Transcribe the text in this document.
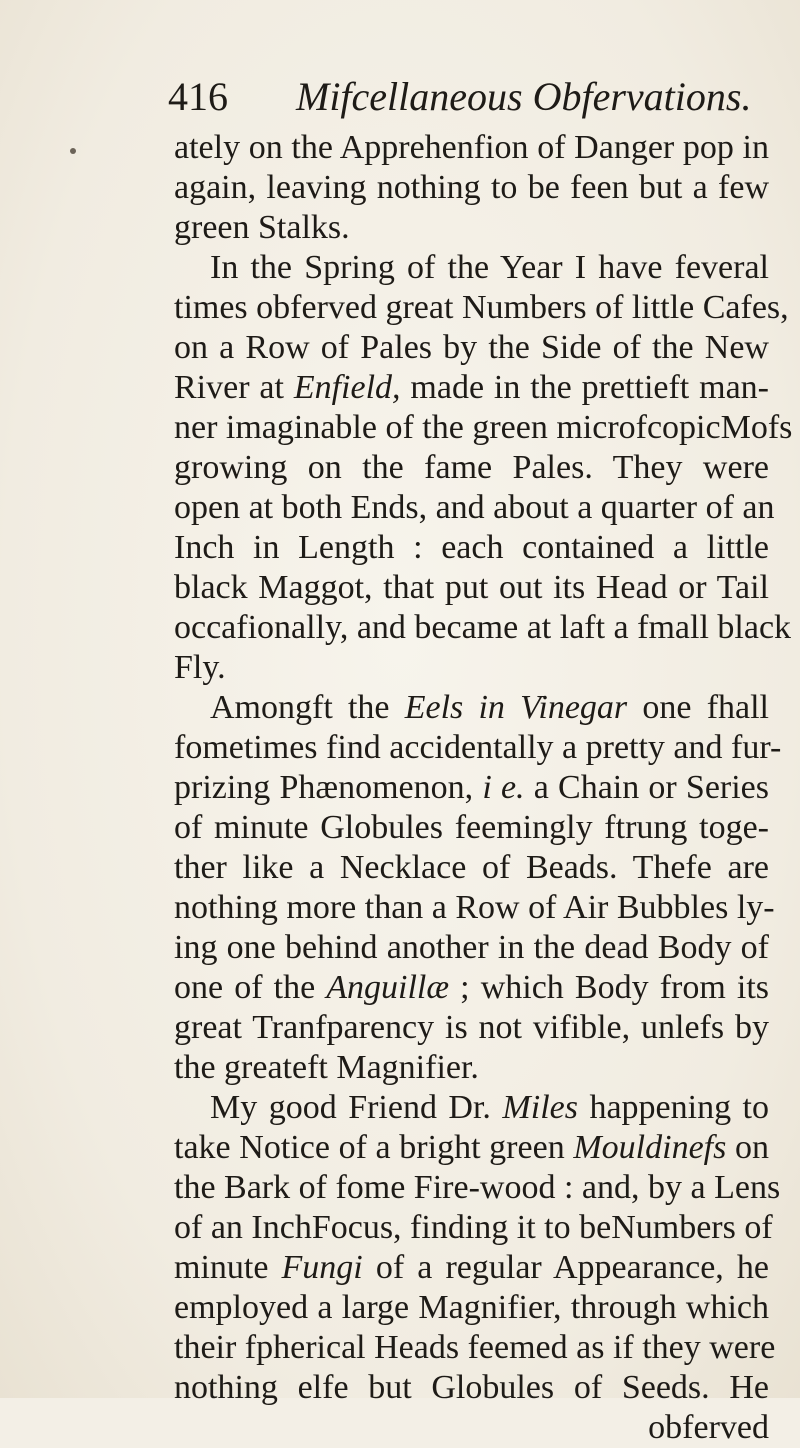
416 Mifcellaneous Obfervations.
ately on the Apprehenfion of Danger pop in
again, leaving nothing to be feen but a few
green Stalks.
In the Spring of the Year I have feveral
times obferved great Numbers of little Cafes,
on a Row of Pales by the Side of the New
River at Enfield, made in the prettieft man-
ner imaginable of the green microfcopicMofs
growing on the fame Pales. They were
open at both Ends, and about a quarter of an
Inch in Length : each contained a little
black Maggot, that put out its Head or Tail
occafionally, and became at laft a fmall black
Fly.
Amongft the Eels in Vinegar one fhall
fometimes find accidentally a pretty and fur-
prizing Phænomenon, i e. a Chain or Series
of minute Globules feemingly ftrung toge-
ther like a Necklace of Beads. Thefe are
nothing more than a Row of Air Bubbles ly-
ing one behind another in the dead Body of
one of the Anguillæ ; which Body from its
great Tranfparency is not vifible, unlefs by
the greateft Magnifier.
My good Friend Dr. Miles happening to
take Notice of a bright green Mouldinefs on
the Bark of fome Fire-wood : and, by a Lens
of an InchFocus, finding it to beNumbers of
minute Fungi of a regular Appearance, he
employed a large Magnifier, through which
their fpherical Heads feemed as if they were
nothing elfe but Globules of Seeds. He
obferved
